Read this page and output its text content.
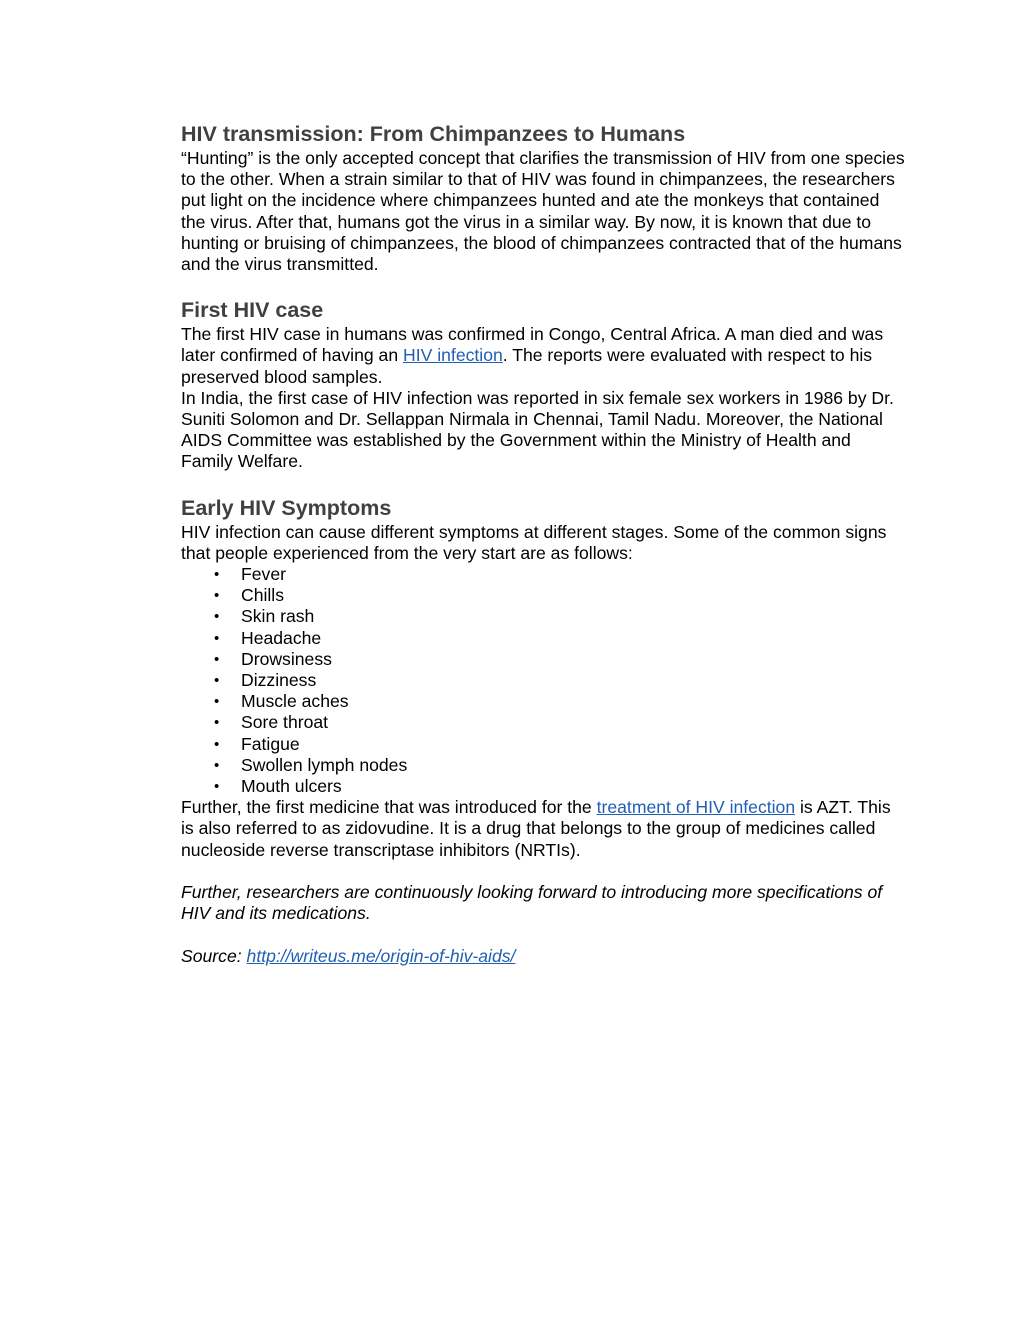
HIV transmission: From Chimpanzees to Humans

“Hunting” is the only accepted concept that clarifies the transmission of HIV from one species to the other. When a strain similar to that of HIV was found in chimpanzees, the researchers put light on the incidence where chimpanzees hunted and ate the monkeys that contained the virus. After that, humans got the virus in a similar way. By now, it is known that due to hunting or bruising of chimpanzees, the blood of chimpanzees contracted that of the humans and the virus transmitted.

First HIV case

The first HIV case in humans was confirmed in Congo, Central Africa. A man died and was later confirmed of having an HIV infection. The reports were evaluated with respect to his preserved blood samples.

In India, the first case of HIV infection was reported in six female sex workers in 1986 by Dr. Suniti Solomon and Dr. Sellappan Nirmala in Chennai, Tamil Nadu. Moreover, the National AIDS Committee was established by the Government within the Ministry of Health and Family Welfare.

Early HIV Symptoms

HIV infection can cause different symptoms at different stages. Some of the common signs that people experienced from the very start are as follows:

• Fever
• Chills
• Skin rash
• Headache
• Drowsiness
• Dizziness
• Muscle aches
• Sore throat
• Fatigue
• Swollen lymph nodes
• Mouth ulcers

Further, the first medicine that was introduced for the treatment of HIV infection is AZT. This is also referred to as zidovudine. It is a drug that belongs to the group of medicines called nucleoside reverse transcriptase inhibitors (NRTIs).

Further, researchers are continuously looking forward to introducing more specifications of HIV and its medications.

Source: http://writeus.me/origin-of-hiv-aids/
